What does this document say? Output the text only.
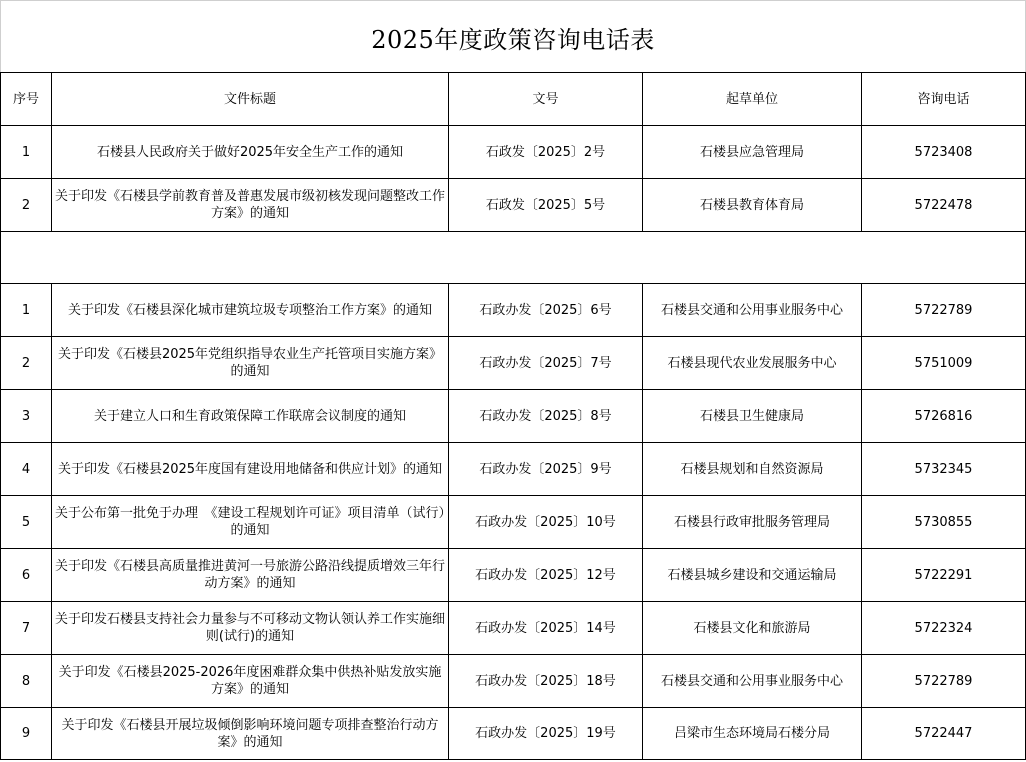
2025年度政策咨询电话表
序号	文件标题	文号	起草单位	咨询电话
1	石楼县人民政府关于做好2025年安全生产工作的通知	石政发〔2025〕2号	石楼县应急管理局	5723408
2	关于印发《石楼县学前教育普及普惠发展市级初核发现问题整改工作方案》的通知	石政发〔2025〕5号	石楼县教育体育局	5722478

1	关于印发《石楼县深化城市建筑垃圾专项整治工作方案》的通知	石政办发〔2025〕6号	石楼县交通和公用事业服务中心	5722789
2	关于印发《石楼县2025年党组织指导农业生产托管项目实施方案》的通知	石政办发〔2025〕7号	石楼县现代农业发展服务中心	5751009
3	关于建立人口和生育政策保障工作联席会议制度的通知	石政办发〔2025〕8号	石楼县卫生健康局	5726816
4	关于印发《石楼县2025年度国有建设用地储备和供应计划》的通知	石政办发〔2025〕9号	石楼县规划和自然资源局	5732345
5	关于公布第一批免于办理　《建设工程规划许可证》项目清单（试行）的通知	石政办发〔2025〕10号	石楼县行政审批服务管理局	5730855
6	关于印发《石楼县高质量推进黄河一号旅游公路沿线提质增效三年行动方案》的通知	石政办发〔2025〕12号	石楼县城乡建设和交通运输局	5722291
7	关于印发石楼县支持社会力量参与不可移动文物认领认养工作实施细则(试行)的通知	石政办发〔2025〕14号	石楼县文化和旅游局	5722324
8	关于印发《石楼县2025-2026年度困难群众集中供热补贴发放实施方案》的通知	石政办发〔2025〕18号	石楼县交通和公用事业服务中心	5722789
9	关于印发《石楼县开展垃圾倾倒影响环境问题专项排查整治行动方案》的通知	石政办发〔2025〕19号	吕梁市生态环境局石楼分局	5722447
